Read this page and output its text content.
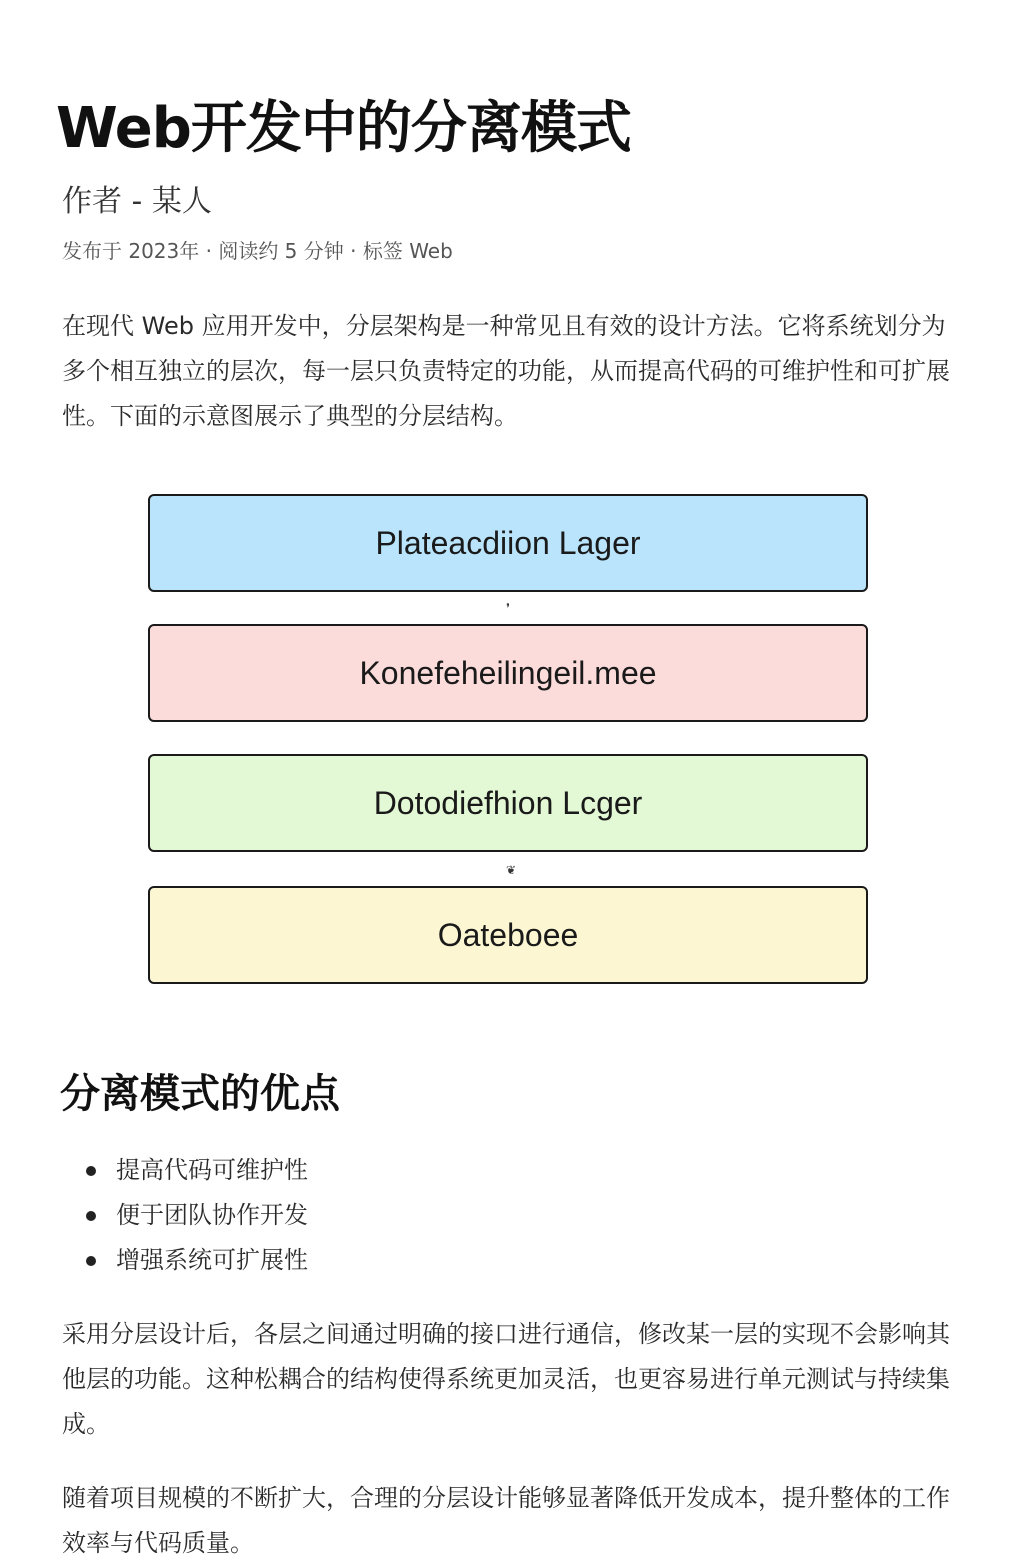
Web开发中的分离模式
作者 - 某人
发布于 2023年 · 阅读约 5 分钟 · 标签 Web

在现代 Web 应用开发中，分层架构是一种常见且有效的设计方法。它将系统划分为多个相互独立的层次，每一层只负责特定的功能，从而提高代码的可维护性和可扩展性。下面的示意图展示了典型的分层结构。

Plateacdiion Lager
❜
Konefeheilingeil.mee
Dotodiefhion Lcger
❦
Oateboee
分离模式的优点
提高代码可维护性
便于团队协作开发
增强系统可扩展性

采用分层设计后，各层之间通过明确的接口进行通信，修改某一层的实现不会影响其他层的功能。这种松耦合的结构使得系统更加灵活，也更容易进行单元测试与持续集成。

随着项目规模的不断扩大，合理的分层设计能够显著降低开发成本，提升整体的工作效率与代码质量。
